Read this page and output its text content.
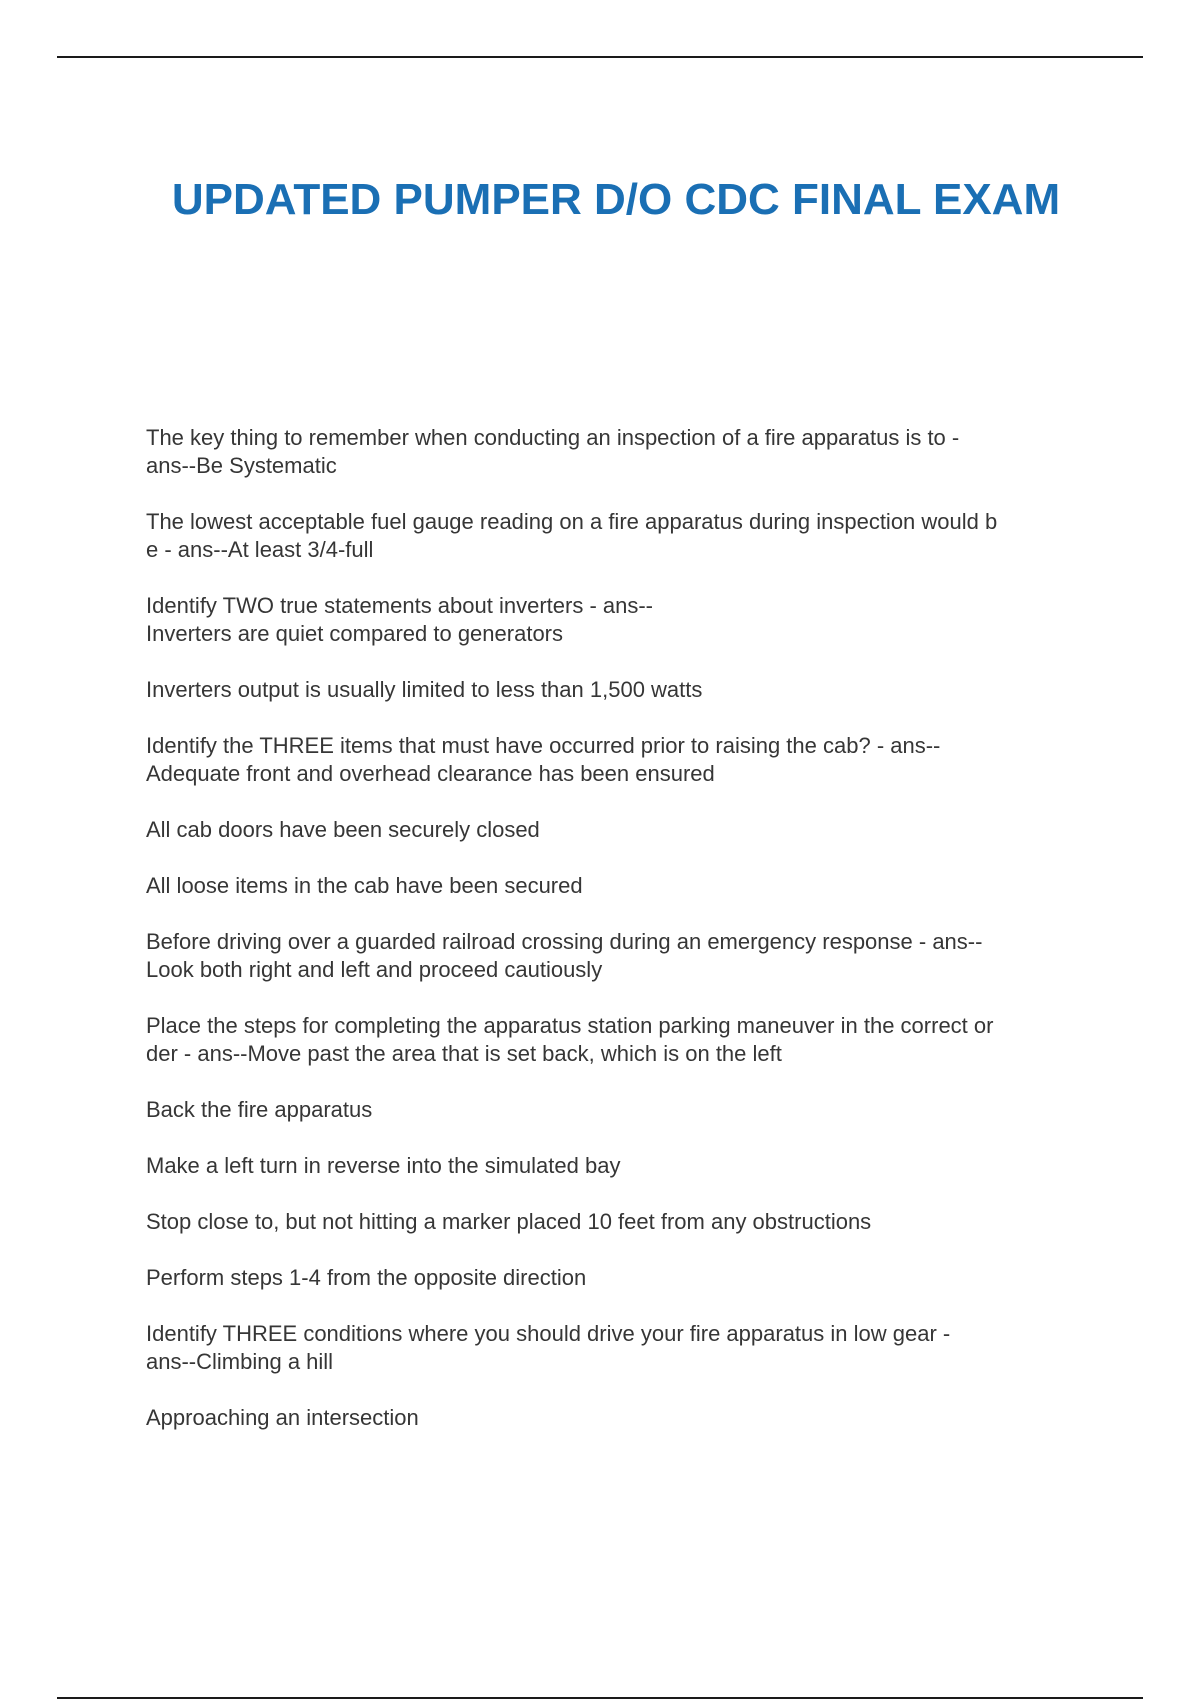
UPDATED PUMPER D/O CDC FINAL EXAM

The key thing to remember when conducting an inspection of a fire apparatus is to -
ans--Be Systematic

The lowest acceptable fuel gauge reading on a fire apparatus during inspection would b
e - ans--At least 3/4-full

Identify TWO true statements about inverters - ans--
Inverters are quiet compared to generators

Inverters output is usually limited to less than 1,500 watts

Identify the THREE items that must have occurred prior to raising the cab? - ans--
Adequate front and overhead clearance has been ensured

All cab doors have been securely closed

All loose items in the cab have been secured

Before driving over a guarded railroad crossing during an emergency response - ans--
Look both right and left and proceed cautiously

Place the steps for completing the apparatus station parking maneuver in the correct or
der - ans--Move past the area that is set back, which is on the left

Back the fire apparatus

Make a left turn in reverse into the simulated bay

Stop close to, but not hitting a marker placed 10 feet from any obstructions

Perform steps 1-4 from the opposite direction

Identify THREE conditions where you should drive your fire apparatus in low gear -
ans--Climbing a hill

Approaching an intersection
